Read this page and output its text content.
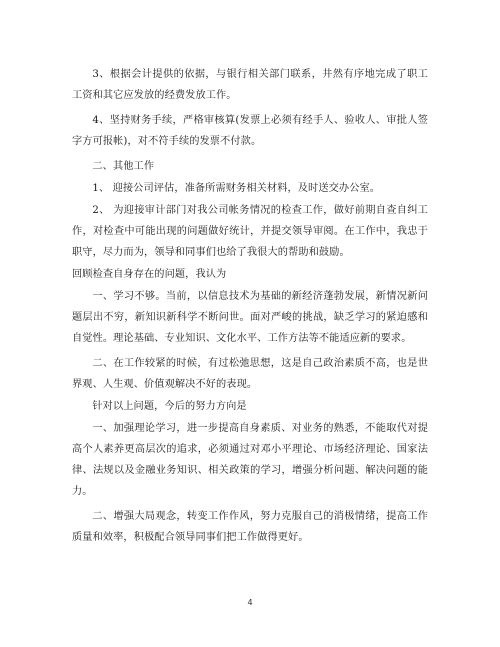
3、根据会计提供的依据，与银行相关部门联系，井然有序地完成了职工工资和其它应发放的经费发放工作。

4、坚持财务手续，严格审核算(发票上必须有经手人、验收人、审批人签字方可报帐)，对不符手续的发票不付款。

二、其他工作

1、 迎接公司评估，准备所需财务相关材料，及时送交办公室。

2、 为迎接审计部门对我公司帐务情况的检查工作，做好前期自查自纠工作，对检查中可能出现的问题做好统计，并提交领导审阅。在工作中，我忠于职守，尽力而为，领导和同事们也给了我很大的帮助和鼓励。

回顾检查自身存在的问题，我认为

一、学习不够。当前，以信息技术为基础的新经济蓬勃发展，新情况新问题层出不穷，新知识新科学不断问世。面对严峻的挑战，缺乏学习的紧迫感和自觉性。理论基础、专业知识、文化水平、工作方法等不能适应新的要求。

二、在工作较紧的时候，有过松弛思想，这是自己政治素质不高，也是世界观、人生观、价值观解决不好的表现。

针对以上问题，今后的努力方向是

一、加强理论学习，进一步提高自身素质、对业务的熟悉，不能取代对提高个人素养更高层次的追求，必须通过对邓小平理论、市场经济理论、国家法律、法规以及金融业务知识、相关政策的学习，增强分析问题、解决问题的能力。

二、增强大局观念，转变工作作风，努力克服自己的消极情绪，提高工作质量和效率，积极配合领导同事们把工作做得更好。

4
